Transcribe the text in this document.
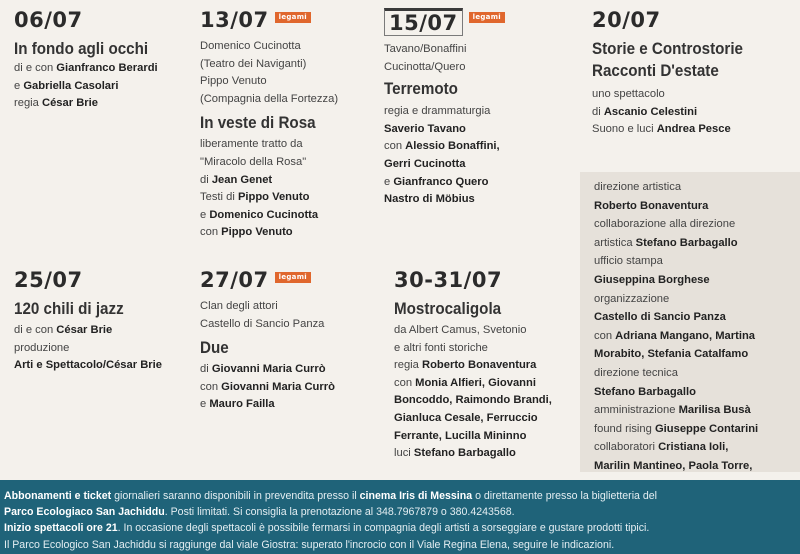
06/07
In fondo agli occhi
di e con Gianfranco Berardi
e Gabriella Casolari
regia César Brie
13/07	legami
Domenico Cucinotta
(Teatro dei Naviganti)
Pippo Venuto
(Compagnia della Fortezza)
In veste di Rosa
liberamente tratto da
"Miracolo della Rosa"
di Jean Genet
Testi di Pippo Venuto
e Domenico Cucinotta
con Pippo Venuto
15/07	legami
Tavano/Bonaffini
Cucinotta/Quero
Terremoto
regia e drammaturgia
Saverio Tavano
con Alessio Bonaffini,
Gerri Cucinotta
e Gianfranco Quero
Nastro di Möbius
20/07
Storie e Controstorie
Racconti D'estate
uno spettacolo
di Ascanio Celestini
Suono e luci Andrea Pesce
25/07
120 chili di jazz
di e con César Brie
produzione
Arti e Spettacolo/César Brie
27/07	legami
Clan degli attori
Castello di Sancio Panza
Due
di Giovanni Maria Currò
con Giovanni Maria Currò
e Mauro Failla
30-31/07
Mostrocaligola
da Albert Camus, Svetonio
e altri fonti storiche
regia Roberto Bonaventura
con Monia Alfieri, Giovanni
Boncoddo, Raimondo Brandi,
Gianluca Cesale, Ferruccio
Ferrante, Lucilla Mininno
luci Stefano Barbagallo
direzione artistica
Roberto Bonaventura
collaborazione alla direzione
artistica Stefano Barbagallo
ufficio stampa
Giuseppina Borghese
organizzazione
Castello di Sancio Panza
con Adriana Mangano, Martina
Morabito, Stefania Catalfamo
direzione tecnica
Stefano Barbagallo
amministrazione Marilisa Busà
found rising Giuseppe Contarini
collaboratori Cristiana Ioli,
Marilin Mantineo, Paola Torre,
Abbonamenti e ticket giornalieri saranno disponibili in prevendita presso il cinema Iris di Messina o direttamente presso la biglietteria del
Parco Ecologiaco San Jachiddu. Posti limitati. Si consiglia la prenotazione al 348.7967879 o 380.4243568.
Inizio spettacoli ore 21. In occasione degli spettacoli è possibile fermarsi in compagnia degli artisti a sorseggiare e gustare prodotti tipici.
Il Parco Ecologico San Jachiddu si raggiunge dal viale Giostra: superato l'incrocio con il Viale Regina Elena, seguire le indicazioni.
